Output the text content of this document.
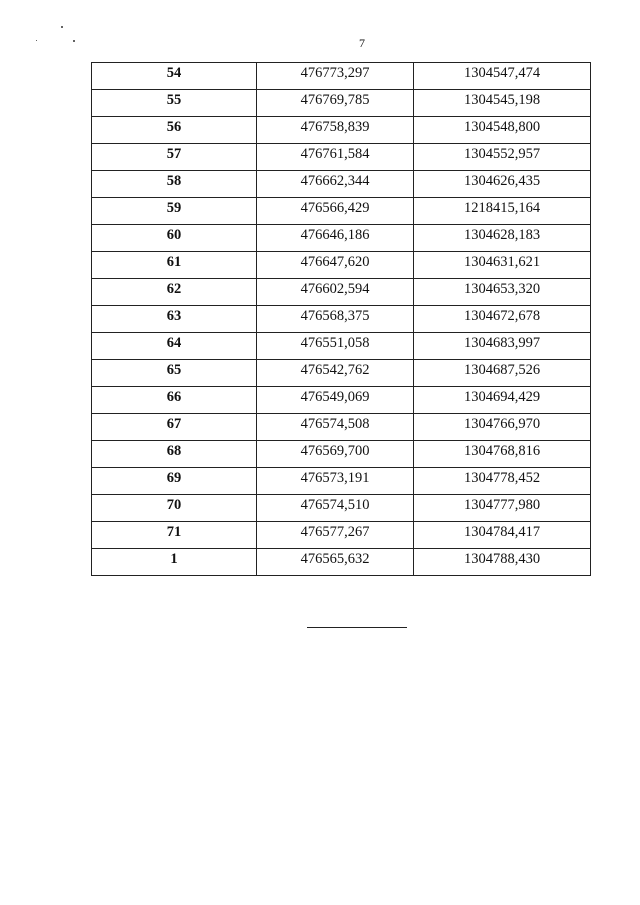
7
54	476773,297	1304547,474
55	476769,785	1304545,198
56	476758,839	1304548,800
57	476761,584	1304552,957
58	476662,344	1304626,435
59	476566,429	1218415,164
60	476646,186	1304628,183
61	476647,620	1304631,621
62	476602,594	1304653,320
63	476568,375	1304672,678
64	476551,058	1304683,997
65	476542,762	1304687,526
66	476549,069	1304694,429
67	476574,508	1304766,970
68	476569,700	1304768,816
69	476573,191	1304778,452
70	476574,510	1304777,980
71	476577,267	1304784,417
1	476565,632	1304788,430
